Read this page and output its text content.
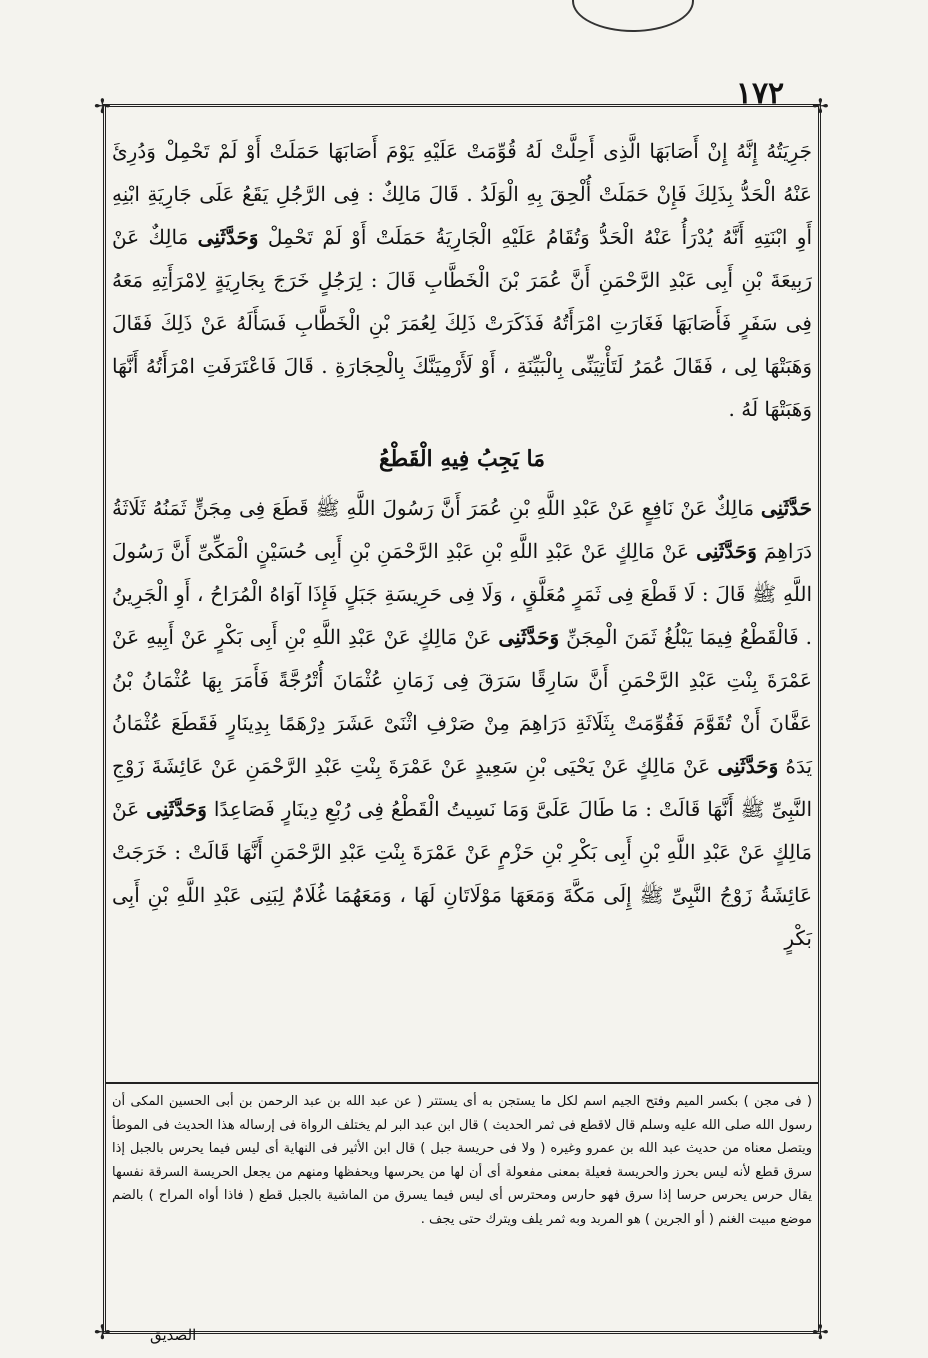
١٧٢
✢	✢
✢	✢

جَرِيَتُهُ إِنَّهُ إِنْ أَصَابَهَا الَّذِى أَحِلَّتْ لَهُ قُوِّمَتْ عَلَيْهِ يَوْمَ أَصَابَهَا حَمَلَتْ أَوْ لَمْ تَحْمِلْ وَدُرِئَ عَنْهُ الْحَدُّ بِذَلِكَ فَإِنْ حَمَلَتْ أُلْحِقَ بِهِ الْوَلَدُ . قَالَ مَالِكٌ : فِى الرَّجُلِ يَقَعُ عَلَى جَارِيَةِ ابْنِهِ أَوِ ابْنَتِهِ أَنَّهُ يُدْرَأُ عَنْهُ الْحَدُّ وَتُقَامُ عَلَيْهِ الْجَارِيَةُ حَمَلَتْ أَوْ لَمْ تَحْمِلْ وَحَدَّثَنِى مَالِكٌ عَنْ رَبِيعَةَ بْنِ أَبِى عَبْدِ الرَّحْمَنِ أَنَّ عُمَرَ بْنَ الْخَطَّابِ قَالَ : لِرَجُلٍ خَرَجَ بِجَارِيَةٍ لِامْرَأَتِهِ مَعَهُ فِى سَفَرٍ فَأَصَابَهَا فَغَارَتِ امْرَأَتُهُ فَذَكَرَتْ ذَلِكَ لِعُمَرَ بْنِ الْخَطَّابِ فَسَأَلَهُ عَنْ ذَلِكَ فَقَالَ وَهَبَتْهَا لِى ، فَقَالَ عُمَرُ لَتَأْتِيَنِّى بِالْبَيِّنَةِ ، أَوْ لَأَرْمِيَنَّكَ بِالْحِجَارَةِ . قَالَ فَاعْتَرَفَتِ امْرَأَتُهُ أَنَّهَا وَهَبَتْهَا لَهُ .

مَا يَجِبُ فِيهِ الْقَطْعُ

حَدَّثَنِى مَالِكٌ عَنْ نَافِعٍ عَنْ عَبْدِ اللَّهِ بْنِ عُمَرَ أَنَّ رَسُولَ اللَّهِ ﷺ قَطَعَ فِى مِجَنٍّ ثَمَنُهُ ثَلَاثَةُ دَرَاهِمَ وَحَدَّثَنِى عَنْ مَالِكٍ عَنْ عَبْدِ اللَّهِ بْنِ عَبْدِ الرَّحْمَنِ بْنِ أَبِى حُسَيْنٍ الْمَكِّىِّ أَنَّ رَسُولَ اللَّهِ ﷺ قَالَ : لَا قَطْعَ فِى ثَمَرٍ مُعَلَّقٍ ، وَلَا فِى حَرِيسَةِ جَبَلٍ فَإِذَا آوَاهُ الْمُرَاحُ ، أَوِ الْجَرِينُ . فَالْقَطْعُ فِيمَا يَبْلُغُ ثَمَنَ الْمِجَنِّ وَحَدَّثَنِى عَنْ مَالِكٍ عَنْ عَبْدِ اللَّهِ بْنِ أَبِى بَكْرٍ عَنْ أَبِيهِ عَنْ عَمْرَةَ بِنْتِ عَبْدِ الرَّحْمَنِ أَنَّ سَارِقًا سَرَقَ فِى زَمَانِ عُثْمَانَ أُتْرُجَّةً فَأَمَرَ بِهَا عُثْمَانُ بْنُ عَفَّانَ أَنْ تُقَوَّمَ فَقُوِّمَتْ بِثَلَاثَةِ دَرَاهِمَ مِنْ صَرْفِ اثْنَىْ عَشَرَ دِرْهَمًا بِدِينَارٍ فَقَطَعَ عُثْمَانُ يَدَهُ وَحَدَّثَنِى عَنْ مَالِكٍ عَنْ يَحْيَى بْنِ سَعِيدٍ عَنْ عَمْرَةَ بِنْتِ عَبْدِ الرَّحْمَنِ عَنْ عَائِشَةَ زَوْجِ النَّبِىِّ ﷺ أَنَّهَا قَالَتْ : مَا طَالَ عَلَىَّ وَمَا نَسِيتُ الْقَطْعُ فِى رُبْعِ دِينَارٍ فَصَاعِدًا وَحَدَّثَنِى عَنْ مَالِكٍ عَنْ عَبْدِ اللَّهِ بْنِ أَبِى بَكْرِ بْنِ حَزْمٍ عَنْ عَمْرَةَ بِنْتِ عَبْدِ الرَّحْمَنِ أَنَّهَا قَالَتْ : خَرَجَتْ عَائِشَةُ زَوْجُ النَّبِىِّ ﷺ إِلَى مَكَّةَ وَمَعَهَا مَوْلَاتَانِ لَهَا ، وَمَعَهُمَا غُلَامٌ لِبَنِى عَبْدِ اللَّهِ بْنِ أَبِى بَكْرٍ

( فى مجن ) بكسر الميم وفتح الجيم اسم لكل ما يستجن به أى يستتر ( عن عبد الله بن عبد الرحمن بن أبى الحسين المكى أن رسول الله صلى الله عليه وسلم قال لاقطع فى ثمر الحديث ) قال ابن عبد البر لم يختلف الرواة فى إرساله هذا الحديث فى الموطأ ويتصل معناه من حديث عبد الله بن عمرو وغيره ( ولا فى حريسة جبل ) قال ابن الأثير فى النهاية أى ليس فيما يحرس بالجبل إذا سرق قطع لأنه ليس بحرز والحريسة فعيلة بمعنى مفعولة أى أن لها من يحرسها ويحفظها ومنهم من يجعل الحريسة السرقة نفسها يقال حرس يحرس حرسا إذا سرق فهو حارس ومحترس أى ليس فيما يسرق من الماشية بالجبل قطع ( فاذا أواه المراح ) بالضم موضع مبيت الغنم ( أو الجرين ) هو المربد وبه ثمر يلف ويترك حتى يجف .

الصديق
